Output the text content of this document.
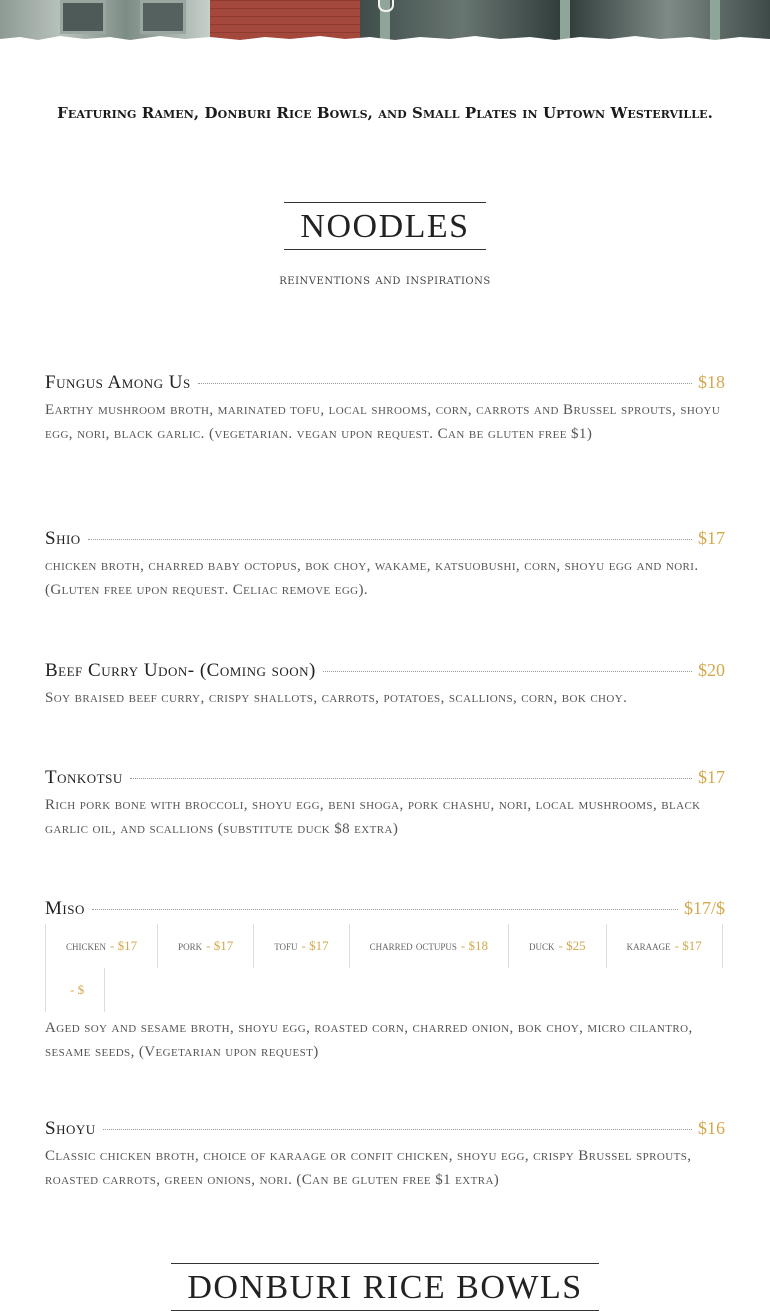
Featuring Ramen, Donburi Rice Bowls, and Small Plates in Uptown Westerville.
NOODLES
reinventions and inspirations
Fungus Among Us	$18
Earthy mushroom broth, marinated tofu, local shrooms, corn, carrots and Brussel sprouts, shoyu egg, nori, black garlic. (vegetarian. vegan upon request. Can be gluten free $1)
Shio	$17
chicken broth, charred baby octopus, bok choy, wakame, katsuobushi, corn, shoyu egg and nori. (Gluten free upon request. Celiac remove egg).
Beef Curry Udon- (Coming soon)	$20
Soy braised beef curry, crispy shallots, carrots, potatoes, scallions, corn, bok choy.
Tonkotsu	$17
Rich pork bone with broccoli, shoyu egg, beni shoga, pork chashu, nori, local mushrooms, black garlic oil, and scallions (substitute duck $8 extra)
Miso	$17/$
chicken - $17	pork - $17	tofu - $17	charred octupus - $18	duck - $25	karaage - $17
- $
Aged soy and sesame broth, shoyu egg, roasted corn, charred onion, bok choy, micro cilantro, sesame seeds, (Vegetarian upon request)
Shoyu	$16
Classic chicken broth, choice of karaage or confit chicken, shoyu egg, crispy Brussel sprouts, roasted carrots, green onions, nori. (Can be gluten free $1 extra)
DONBURI RICE BOWLS
